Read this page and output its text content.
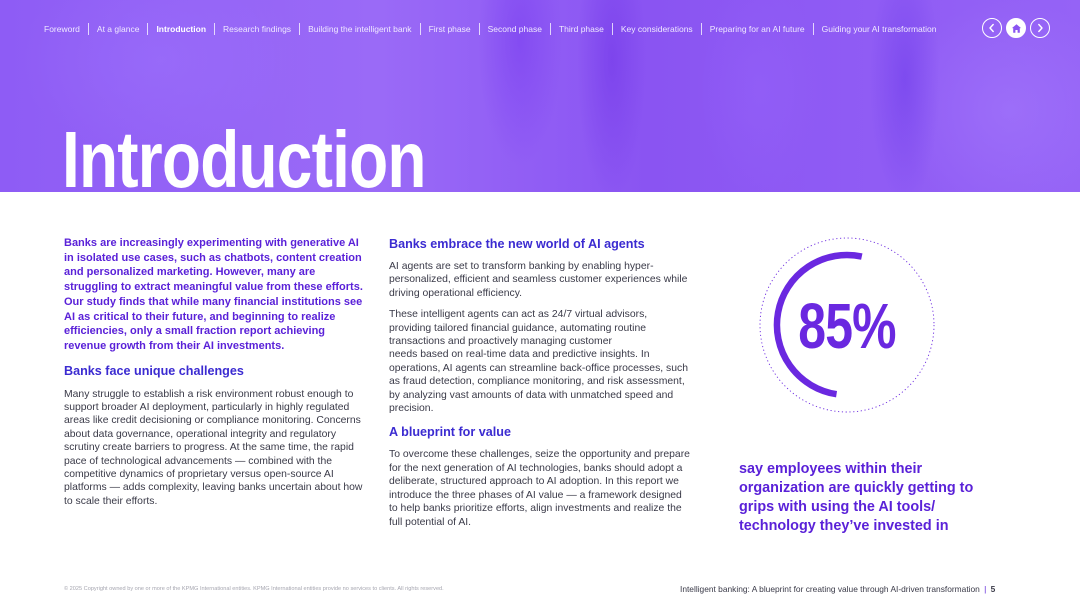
Foreword	At a glance	Introduction	Research findings	Building the intelligent bank	First phase	Second phase	Third phase	Key considerations	Preparing for an AI future	Guiding your AI transformation
Introduction

Banks are increasingly experimenting with generative AI in isolated use cases, such as chatbots, content creation and personalized marketing. However, many are struggling to extract meaningful value from these efforts. Our study finds that while many financial institutions see AI as critical to their future, and beginning to realize efficiencies, only a small fraction report achieving revenue growth from their AI investments.

Banks face unique challenges

Many struggle to establish a risk environment robust enough to support broader AI deployment, particularly in highly regulated areas like credit decisioning or compliance monitoring. Concerns about data governance, operational integrity and regulatory scrutiny create barriers to progress. At the same time, the rapid pace of technological advancements — combined with the competitive dynamics of proprietary versus open-source AI platforms — adds complexity, leaving banks uncertain about how to scale their efforts.

Banks embrace the new world of AI agents

AI agents are set to transform banking by enabling hyper-personalized, efficient and seamless customer experiences while driving operational efficiency.

These intelligent agents can act as 24/7 virtual advisors, providing tailored financial guidance, automating routine transactions and proactively managing customer

needs based on real-time data and predictive insights. In operations, AI agents can streamline back-office processes, such as fraud detection, compliance monitoring, and risk assessment, by analyzing vast amounts of data with unmatched speed and precision.

A blueprint for value

To overcome these challenges, seize the opportunity and prepare for the next generation of AI technologies, banks should adopt a deliberate, structured approach to AI adoption. In this report we introduce the three phases of AI value — a framework designed to help banks prioritize efforts, align investments and realize the full potential of AI.

85%

say employees within their organization are quickly getting to grips with using the AI tools/ technology they’ve invested in

© 2025 Copyright owned by one or more of the KPMG International entities. KPMG International entities provide no services to clients. All rights reserved.	Intelligent banking: A blueprint for creating value through AI-driven transformation | 5
